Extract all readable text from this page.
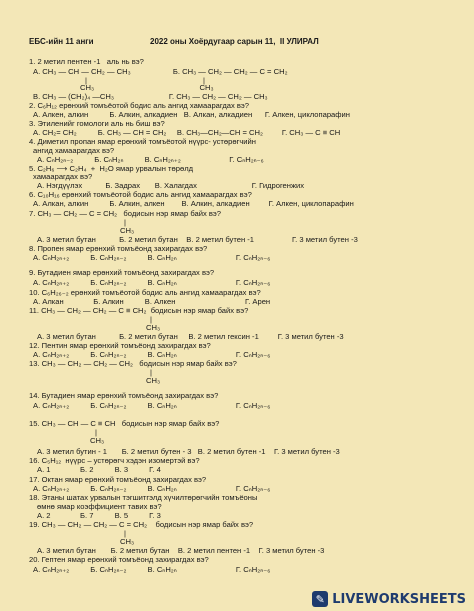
ЕБС-ийн 11 анги	2022 оны Хоёрдугаар сарын 11,  II УЛИРАЛ
1. 2 метил пентен -1   аль нь вэ?
A. CH₃ — CH — CH₂ — CH₃                    Б. CH₃ — CH₂ — CH₂ — C = CH₂
|                                                       |
CH₃                                                  CH₃
B. CH₃ — (CH₂)₄ —CH₃                          Г. CH₃ — CH₂ — CH₂ — CH₃
2. C₆H₁₂ ерөнхий томъёотой бодис аль ангид хамаарагдах вэ?
A. Алкен, алкин          Б. Алкин, алкадиен   B. Алкан, алкадиен      Г. Алкен, циклопарафин
3. Этиленийг гомологи аль нь биш вэ?
A. CH₂= CH₂          Б. CH₃ — CH = CH₂     B. CH₃—CH₂—CH = CH₂         Г. CH₃ — C ≡ CH
4. Диметил пропан ямар ерөнхий томъёотой нүүрс- устөрөгчийн
ангид хамаарагдах вэ?
A. CₙH₂ₙ₋₂          Б. CₙH₂ₙ          B. CₙH₂ₙ₊₂                       Г. CₙH₂ₙ₋₆
5. C₂H₆ ⟶ C₂H₄  +  H₂O ямар урвалын төрөлд
хамаарагдах вэ?
A. Нэгдүүлэх           Б. Задрах       B. Халагдах                          Г. Гидрогенжих
6. C₁₀H₁₆ ерөнхий томъёотой бодис аль ангид хамаарагдах вэ?
A. Алкан, алкин          Б. Алкин, алкен        B. Алкин, алкадиен         Г. Алкен, циклопарафин
7. CH₃ — CH₂ — C = CH₂   бодисын нэр ямар байх вэ?
|
CH₃
A. 3 метил бутан           Б. 2 метил бутан    B. 2 метил бутен -1                  Г. 3 метил бутен -3
8. Пропен ямар ерөнхий томъёонд захирагдах вэ?
A. CₙH₂ₙ₊₂          Б. CₙH₂ₙ₋₂          B. CₙH₂ₙ                            Г. CₙH₂ₙ₋₆
9. Бутадиен ямар ерөнхий томъёонд захирагдах вэ?
A. CₙH₂ₙ₊₂          Б. CₙH₂ₙ₋₂          B. CₙH₂ₙ                            Г. CₙH₂ₙ₋₆
10. C₆H₂₆₋₂ ерөнхий томъёотой бодис аль ангид хамаарагдах вэ?
A. Алкан              Б. Алкин          B. Алкен                                 Г. Арен
11. CH₃ — CH₂ — CH₂ — C ≡ CH₂  бодисын нэр ямар байх вэ?
|
CH₃
A. 3 метил бутан           Б. 2 метил бутан     B. 2 метил гексин -1         Г. 3 метил бутен -3
12. Пентин ямар ерөнхий томъёонд захирагдах вэ?
A. CₙH₂ₙ₊₂          Б. CₙH₂ₙ₋₂          B. CₙH₂ₙ                            Г. CₙH₂ₙ₋₆
13. CH₃ — CH₂ — CH₂ — CH₂   бодисын нэр ямар байх вэ?
|
CH₃
14. Бутадиен ямар ерөнхий томъёонд захирагдах вэ?
A. CₙH₂ₙ₊₂          Б. CₙH₂ₙ₋₂          B. CₙH₂ₙ                            Г. CₙH₂ₙ₋₆
15. CH₃ — CH — C ≡ CH   бодисын нэр ямар байх вэ?
|
CH₃
A. 3 метил бутин - 1       Б. 2 метил бутен - 3   B. 2 метил бутен -1    Г. 3 метил бутен -3
16. C₅H₁₂  нүүрс – устөрөгч хэдэн изомертэй вэ?
A. 1              Б. 2          B. 3          Г. 4
17. Октан ямар ерөнхий томъёонд захирагдах вэ?
A. CₙH₂ₙ₊₂          Б. CₙH₂ₙ₋₂          B. CₙH₂ₙ                            Г. CₙH₂ₙ₋₆
18. Этаны шатах урвалын тэгшитгэлд хүчилтөрөгчийн томъёоны
өмнө ямар коэффициент тавих вэ?
A. 2              Б. 7          B. 5          Г. 3
19. CH₃ — CH₂ — CH₂ — C = CH₂    бодисын нэр ямар байх вэ?
|
CH₃
A. 3 метил бутан       Б. 2 метил бутан    B. 2 метил пентен -1    Г. 3 метил бутен -3
20. Гептен ямар ерөнхий томъёонд захирагдах вэ?
A. CₙH₂ₙ₊₂          Б. CₙH₂ₙ₋₂          B. CₙH₂ₙ                            Г. CₙH₂ₙ₋₆
✎ LIVEWORKSHEETS
